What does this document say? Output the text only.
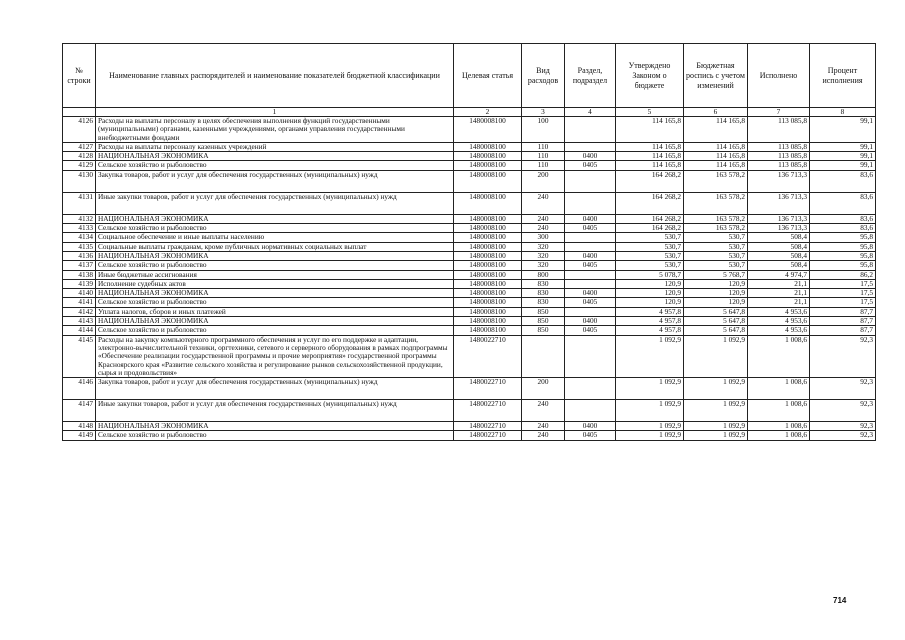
№ строки	Наименование главных распорядителей и наименование показателей бюджетной классификации	Целевая статья	Вид расходов	Раздел, подраздел	Утверждено Законом о бюджете	Бюджетная роспись с учетом изменений	Исполнено	Процент исполнения
	1	2	3	4	5	6	7	8
4126	Расходы на выплаты персоналу в целях обеспечения выполнения функций государственными (муниципальными) органами, казенными учреждениями, органами управления государственными внебюджетными фондами	1480008100	100		114 165,8	114 165,8	113 085,8	99,1
4127	Расходы на выплаты персоналу казенных учреждений	1480008100	110		114 165,8	114 165,8	113 085,8	99,1
4128	НАЦИОНАЛЬНАЯ ЭКОНОМИКА	1480008100	110	0400	114 165,8	114 165,8	113 085,8	99,1
4129	Сельское хозяйство и рыболовство	1480008100	110	0405	114 165,8	114 165,8	113 085,8	99,1
4130	Закупка товаров, работ и услуг для обеспечения государственных (муниципальных) нужд	1480008100	200		164 268,2	163 578,2	136 713,3	83,6
4131	Иные закупки товаров, работ и услуг для обеспечения государственных (муниципальных) нужд	1480008100	240		164 268,2	163 578,2	136 713,3	83,6
4132	НАЦИОНАЛЬНАЯ ЭКОНОМИКА	1480008100	240	0400	164 268,2	163 578,2	136 713,3	83,6
4133	Сельское хозяйство и рыболовство	1480008100	240	0405	164 268,2	163 578,2	136 713,3	83,6
4134	Социальное обеспечение и иные выплаты населению	1480008100	300		530,7	530,7	508,4	95,8
4135	Социальные выплаты гражданам, кроме публичных нормативных социальных выплат	1480008100	320		530,7	530,7	508,4	95,8
4136	НАЦИОНАЛЬНАЯ ЭКОНОМИКА	1480008100	320	0400	530,7	530,7	508,4	95,8
4137	Сельское хозяйство и рыболовство	1480008100	320	0405	530,7	530,7	508,4	95,8
4138	Иные бюджетные ассигнования	1480008100	800		5 078,7	5 768,7	4 974,7	86,2
4139	Исполнение судебных актов	1480008100	830		120,9	120,9	21,1	17,5
4140	НАЦИОНАЛЬНАЯ ЭКОНОМИКА	1480008100	830	0400	120,9	120,9	21,1	17,5
4141	Сельское хозяйство и рыболовство	1480008100	830	0405	120,9	120,9	21,1	17,5
4142	Уплата налогов, сборов и иных платежей	1480008100	850		4 957,8	5 647,8	4 953,6	87,7
4143	НАЦИОНАЛЬНАЯ ЭКОНОМИКА	1480008100	850	0400	4 957,8	5 647,8	4 953,6	87,7
4144	Сельское хозяйство и рыболовство	1480008100	850	0405	4 957,8	5 647,8	4 953,6	87,7
4145	Расходы на закупку компьютерного программного обеспечения и услуг по его поддержке и адаптации, электронно-вычислительной техники, оргтехники, сетевого и серверного оборудования в рамках подпрограммы «Обеспечение реализации государственной программы и прочие мероприятия» государственной программы Красноярского края «Развитие сельского хозяйства и регулирование рынков сельскохозяйственной продукции, сырья и продовольствия»	1480022710			1 092,9	1 092,9	1 008,6	92,3
4146	Закупка товаров, работ и услуг для обеспечения государственных (муниципальных) нужд	1480022710	200		1 092,9	1 092,9	1 008,6	92,3
4147	Иные закупки товаров, работ и услуг для обеспечения государственных (муниципальных) нужд	1480022710	240		1 092,9	1 092,9	1 008,6	92,3
4148	НАЦИОНАЛЬНАЯ ЭКОНОМИКА	1480022710	240	0400	1 092,9	1 092,9	1 008,6	92,3
4149	Сельское хозяйство и рыболовство	1480022710	240	0405	1 092,9	1 092,9	1 008,6	92,3
714
